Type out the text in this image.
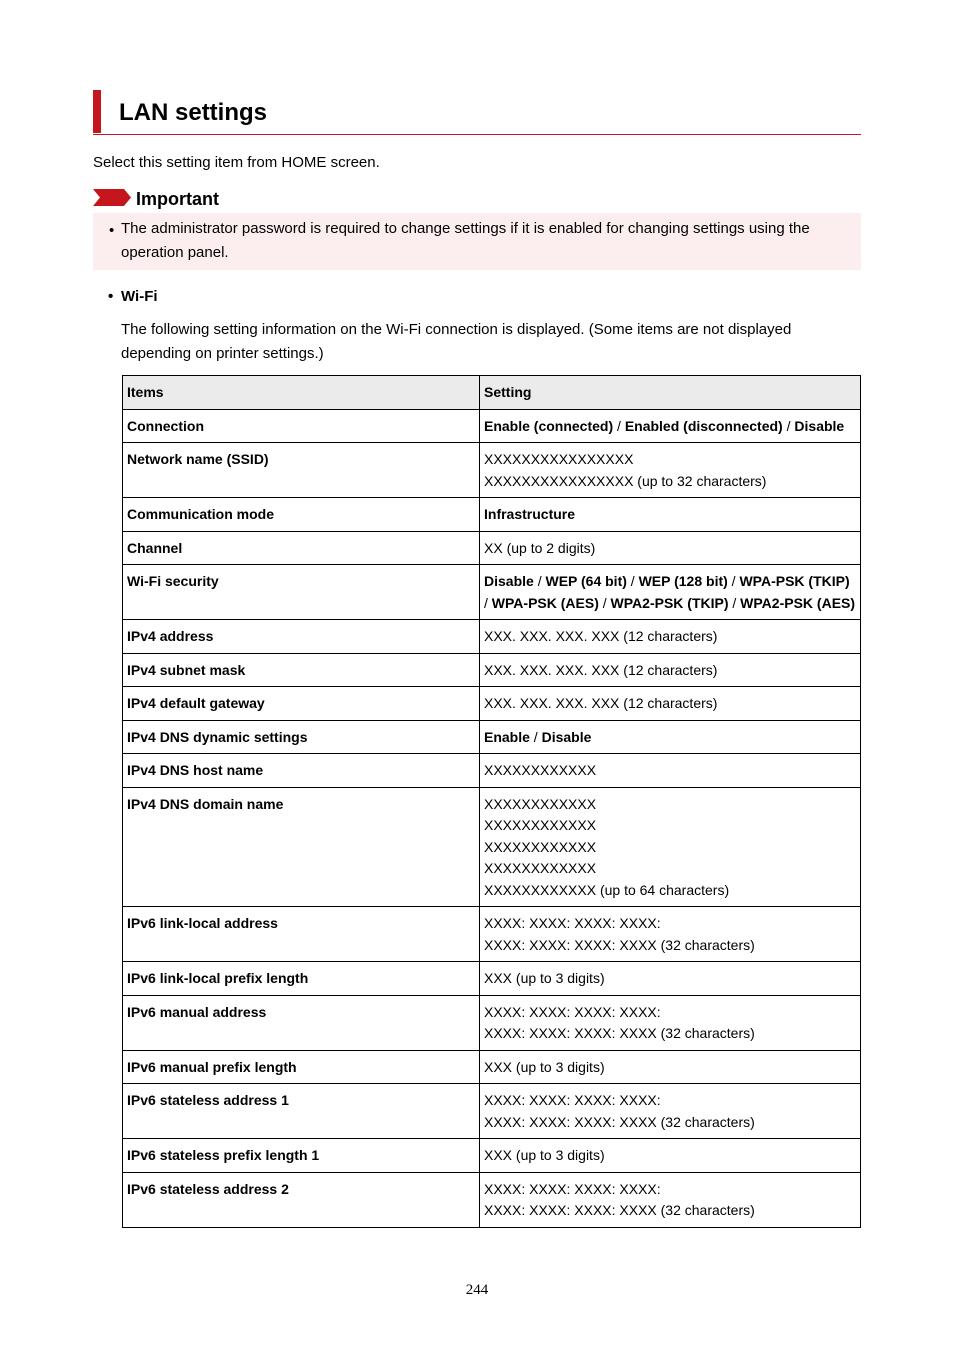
LAN settings
Select this setting item from HOME screen.
Important
• The administrator password is required to change settings if it is enabled for changing settings using the operation panel.
• Wi-Fi
The following setting information on the Wi-Fi connection is displayed. (Some items are not displayed depending on printer settings.)
Items	Setting
Connection	Enable (connected) / Enabled (disconnected) / Disable
Network name (SSID)	XXXXXXXXXXXXXXXX
XXXXXXXXXXXXXXXX (up to 32 characters)

Communication mode	Infrastructure
Channel	XX (up to 2 digits)
Wi-Fi security	Disable / WEP (64 bit) / WEP (128 bit) / WPA-PSK (TKIP) / WPA-PSK (AES) / WPA2-PSK (TKIP) / WPA2-PSK (AES)
IPv4 address	XXX. XXX. XXX. XXX (12 characters)
IPv4 subnet mask	XXX. XXX. XXX. XXX (12 characters)
IPv4 default gateway	XXX. XXX. XXX. XXX (12 characters)
IPv4 DNS dynamic settings	Enable / Disable
IPv4 DNS host name	XXXXXXXXXXXX
IPv4 DNS domain name	XXXXXXXXXXXX
XXXXXXXXXXXX
XXXXXXXXXXXX
XXXXXXXXXXXX
XXXXXXXXXXXX (up to 64 characters)

IPv6 link-local address	XXXX: XXXX: XXXX: XXXX:
XXXX: XXXX: XXXX: XXXX (32 characters)

IPv6 link-local prefix length	XXX (up to 3 digits)
IPv6 manual address	XXXX: XXXX: XXXX: XXXX:
XXXX: XXXX: XXXX: XXXX (32 characters)

IPv6 manual prefix length	XXX (up to 3 digits)
IPv6 stateless address 1	XXXX: XXXX: XXXX: XXXX:
XXXX: XXXX: XXXX: XXXX (32 characters)

IPv6 stateless prefix length 1	XXX (up to 3 digits)
IPv6 stateless address 2	XXXX: XXXX: XXXX: XXXX:
XXXX: XXXX: XXXX: XXXX (32 characters)
244
